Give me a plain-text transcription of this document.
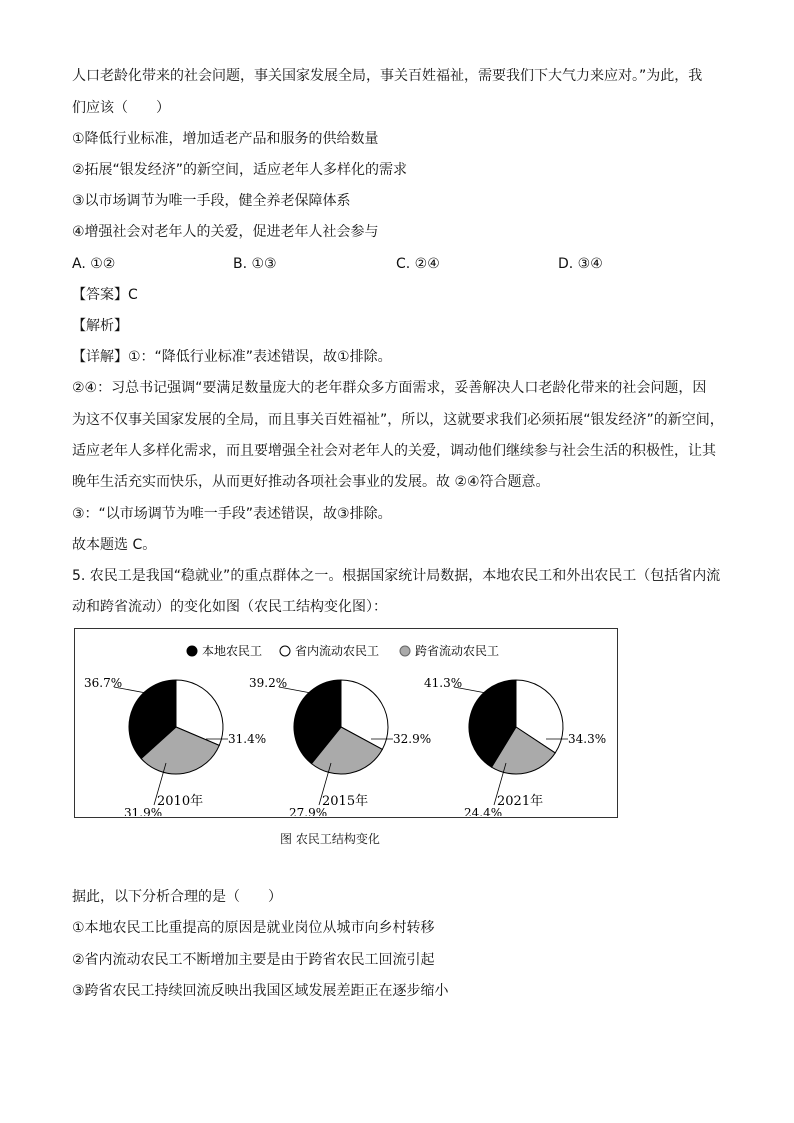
人口老龄化带来的社会问题，事关国家发展全局，事关百姓福祉，需要我们下大气力来应对。”为此，我
们应该（　　）
①降低行业标准，增加适老产品和服务的供给数量
②拓展“银发经济”的新空间，适应老年人多样化的需求
③以市场调节为唯一手段，健全养老保障体系
④增强社会对老年人的关爱，促进老年人社会参与
A. ①②	B. ①③	C. ②④	D. ③④
【答案】C
【解析】
【详解】①：“降低行业标准”表述错误，故①排除。
②④：习总书记强调“要满足数量庞大的老年群众多方面需求，妥善解决人口老龄化带来的社会问题，因
为这不仅事关国家发展的全局，而且事关百姓福祉”，所以，这就要求我们必须拓展“银发经济”的新空间，
适应老年人多样化需求，而且要增强全社会对老年人的关爱，调动他们继续参与社会生活的积极性，让其
晚年生活充实而快乐，从而更好推动各项社会事业的发展。故 ②④符合题意。
③：“以市场调节为唯一手段”表述错误，故③排除。
故本题选 C。
5. 农民工是我国“稳就业”的重点群体之一。根据国家统计局数据，本地农民工和外出农民工（包括省内流
动和跨省流动）的变化如图（农民工结构变化图）：
本地农民工	省内流动农民工	跨省流动农民工
36.7%
31.4%
31.9%
2010年
39.2%
32.9%
27.9%
2015年
41.3%
34.3%
24.4%
2021年
图 农民工结构变化
据此，以下分析合理的是（　　）
①本地农民工比重提高的原因是就业岗位从城市向乡村转移
②省内流动农民工不断增加主要是由于跨省农民工回流引起
③跨省农民工持续回流反映出我国区域发展差距正在逐步缩小
